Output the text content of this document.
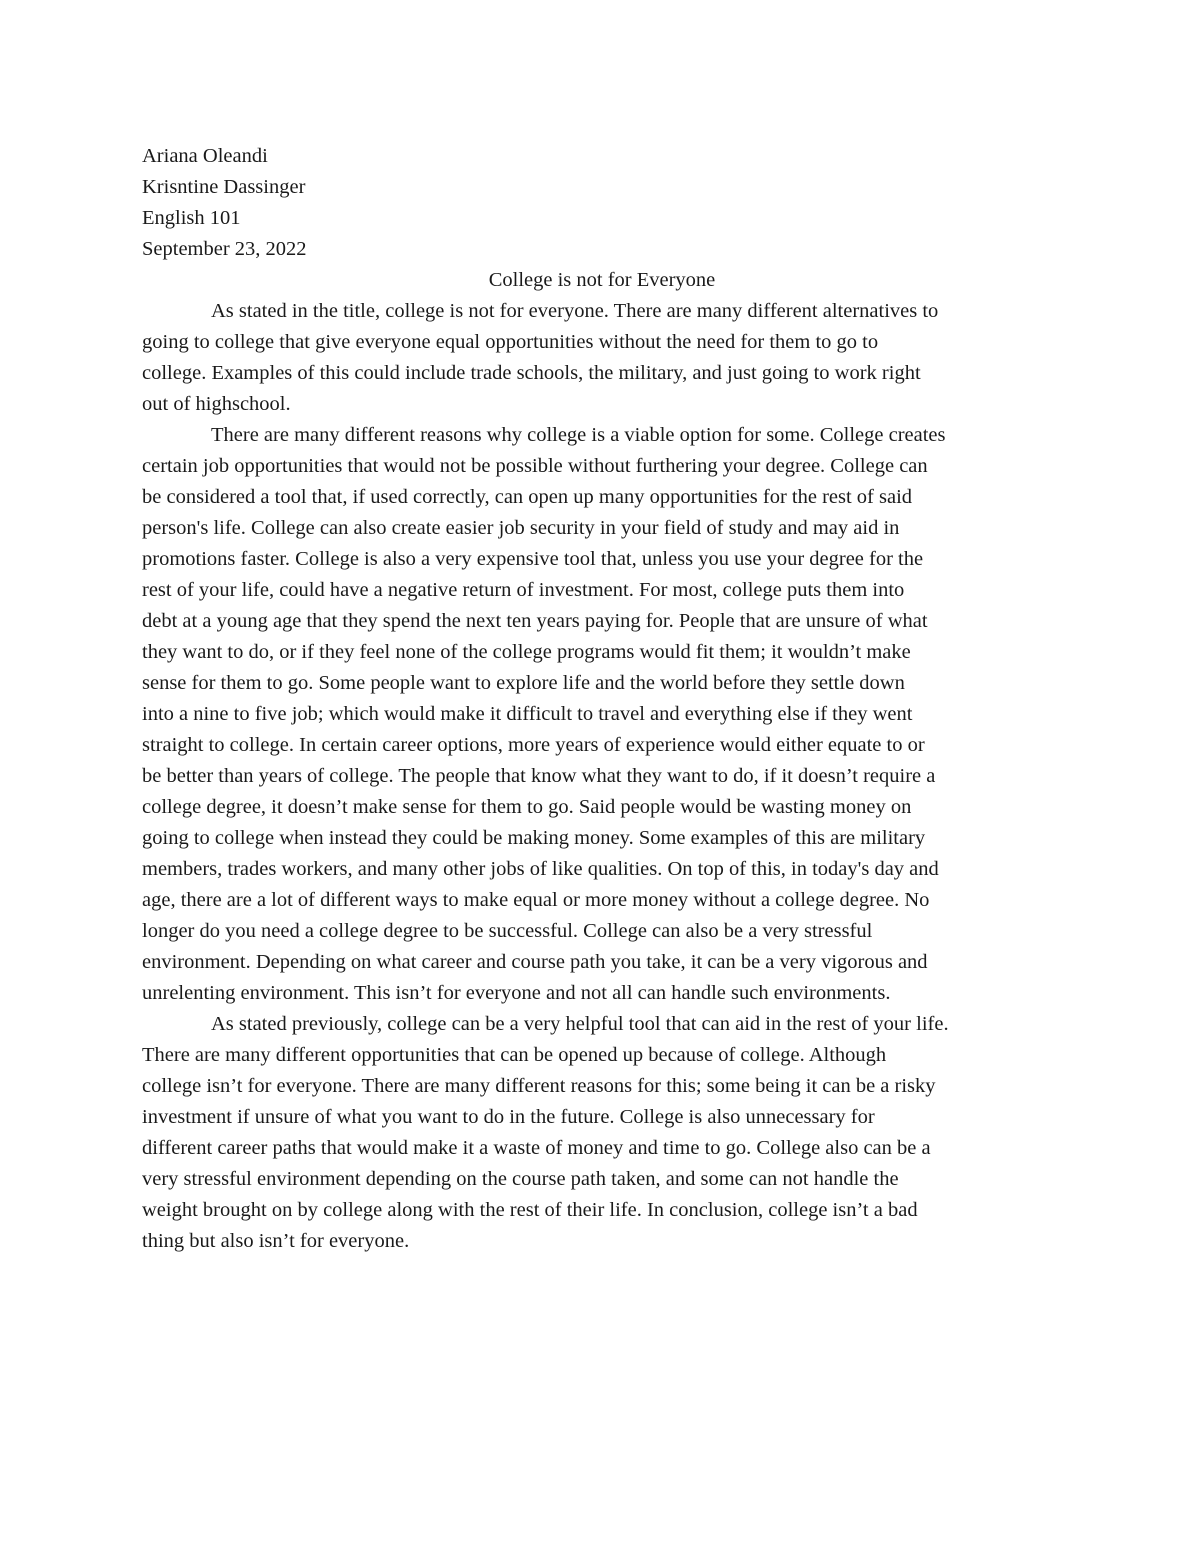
Ariana Oleandi

Krisntine Dassinger

English 101

September 23, 2022

College is not for Everyone

As stated in the title, college is not for everyone. There are many different alternatives to
going to college that give everyone equal opportunities without the need for them to go to
college. Examples of this could include trade schools, the military, and just going to work right
out of highschool.

There are many different reasons why college is a viable option for some. College creates
certain job opportunities that would not be possible without furthering your degree. College can
be considered a tool that, if used correctly, can open up many opportunities for the rest of said
person's life. College can also create easier job security in your field of study and may aid in
promotions faster. College is also a very expensive tool that, unless you use your degree for the
rest of your life, could have a negative return of investment. For most, college puts them into
debt at a young age that they spend the next ten years paying for. People that are unsure of what
they want to do, or if they feel none of the college programs would fit them; it wouldn’t make
sense for them to go. Some people want to explore life and the world before they settle down
into a nine to five job; which would make it difficult to travel and everything else if they went
straight to college. In certain career options, more years of experience would either equate to or
be better than years of college. The people that know what they want to do, if it doesn’t require a
college degree, it doesn’t make sense for them to go. Said people would be wasting money on
going to college when instead they could be making money. Some examples of this are military
members, trades workers, and many other jobs of like qualities. On top of this, in today's day and
age, there are a lot of different ways to make equal or more money without a college degree. No
longer do you need a college degree to be successful. College can also be a very stressful
environment. Depending on what career and course path you take, it can be a very vigorous and
unrelenting environment. This isn’t for everyone and not all can handle such environments.

As stated previously, college can be a very helpful tool that can aid in the rest of your life.
There are many different opportunities that can be opened up because of college. Although
college isn’t for everyone. There are many different reasons for this; some being it can be a risky
investment if unsure of what you want to do in the future. College is also unnecessary for
different career paths that would make it a waste of money and time to go. College also can be a
very stressful environment depending on the course path taken, and some can not handle the
weight brought on by college along with the rest of their life. In conclusion, college isn’t a bad
thing but also isn’t for everyone.
